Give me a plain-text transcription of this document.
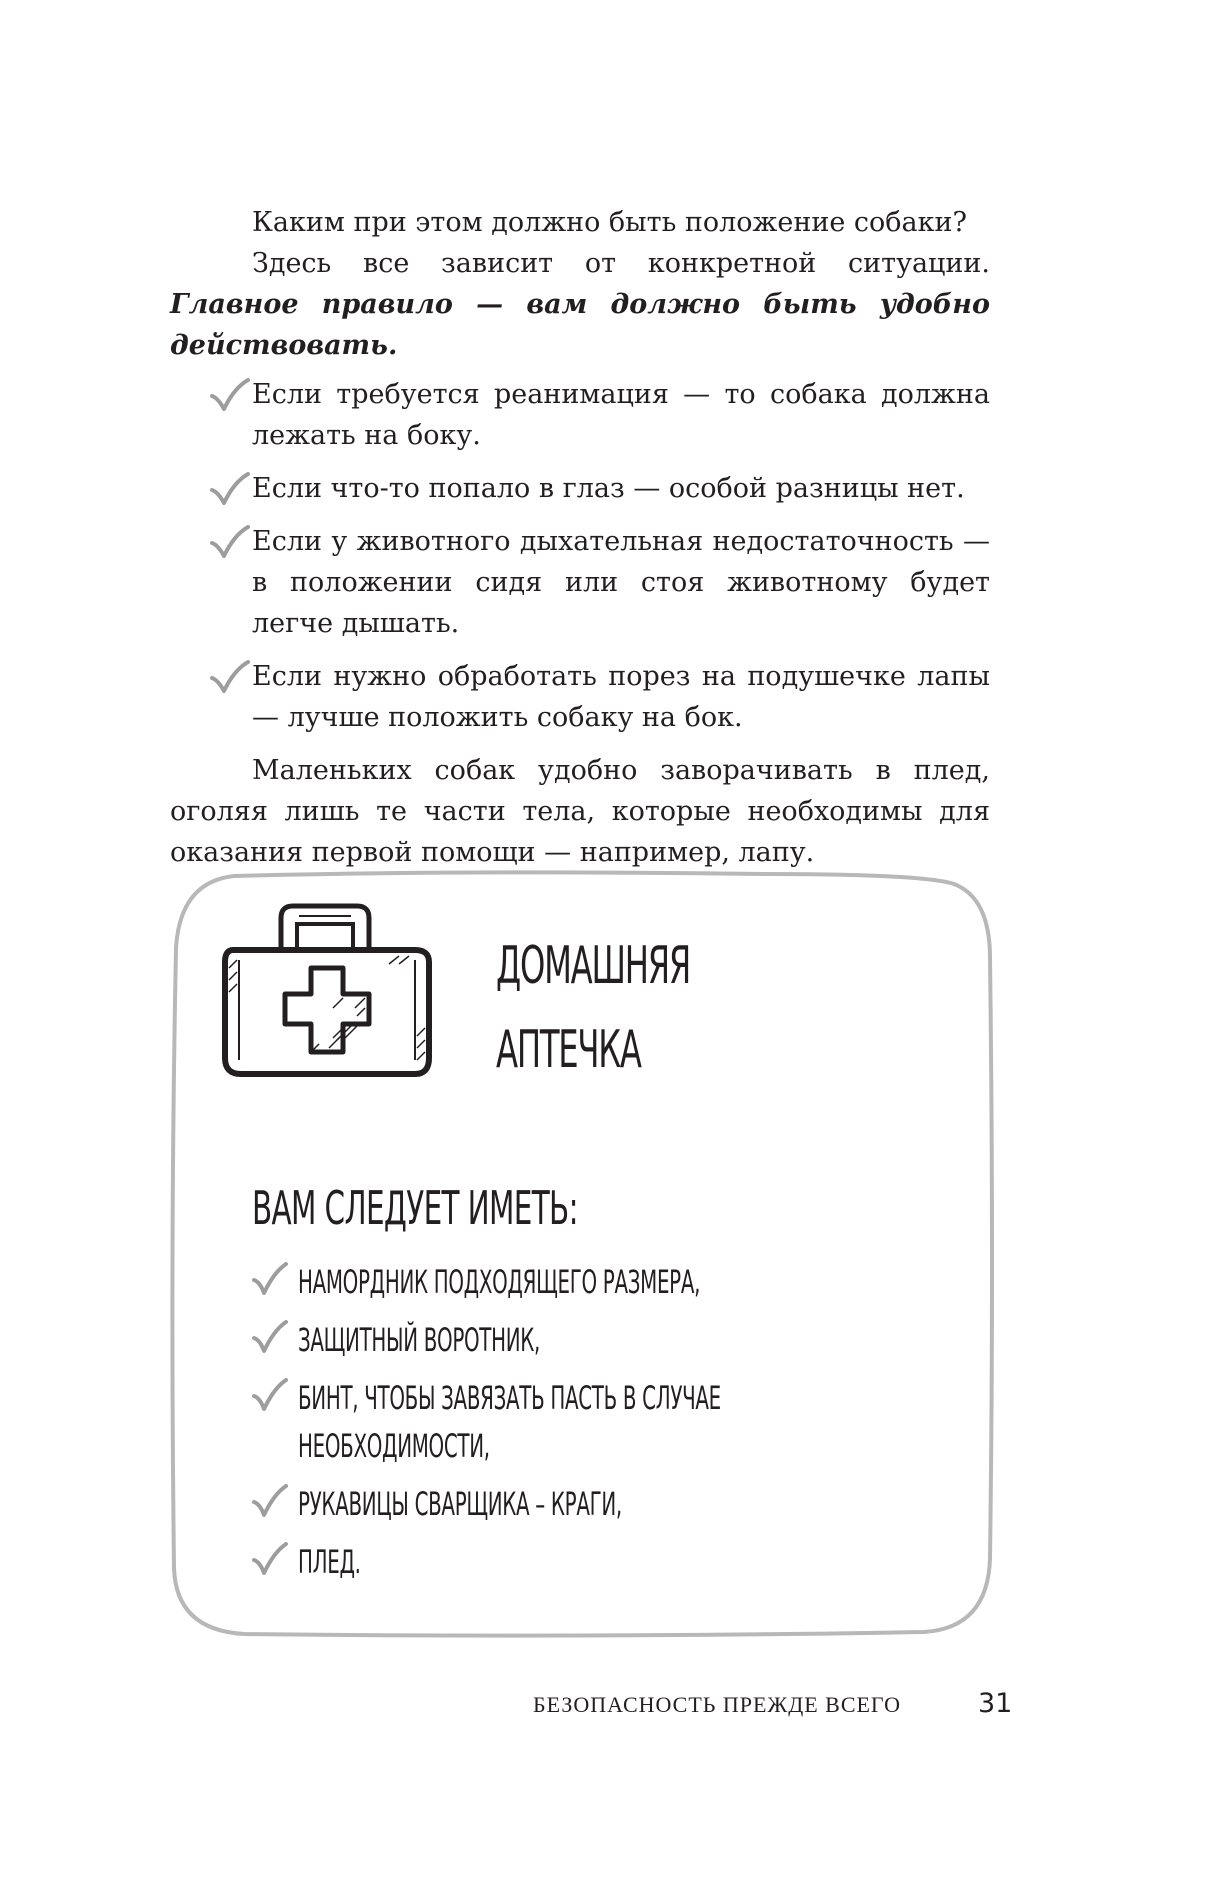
Каким при этом должно быть положение собаки?

Здесь все зависит от конкретной ситуации. Главное правило — вам должно быть удобно действовать.

Если требуется реанимация — то собака должна лежать на боку.
Если что-то попало в глаз — особой разницы нет.
Если у животного дыхательная недостаточность — в положении сидя или стоя животному будет легче дышать.
Если нужно обработать порез на подушечке лапы — лучше положить собаку на бок.

Маленьких собак удобно заворачивать в плед, оголяя лишь те части тела, которые необходимы для оказания первой помощи — например, лапу.

ДОМАШНЯЯ
АПТЕЧКА
ВАМ СЛЕДУЕТ ИМЕТЬ:
НАМОРДНИК ПОДХОДЯЩЕГО РАЗМЕРА,
ЗАЩИТНЫЙ ВОРОТНИК,
БИНТ, ЧТОБЫ ЗАВЯЗАТЬ ПАСТЬ В СЛУЧАЕ НЕОБХОДИМОСТИ,
РУКАВИЦЫ СВАРЩИКА – КРАГИ,
ПЛЕД.
БЕЗОПАСНОСТЬ ПРЕЖДЕ ВСЕГО	31
